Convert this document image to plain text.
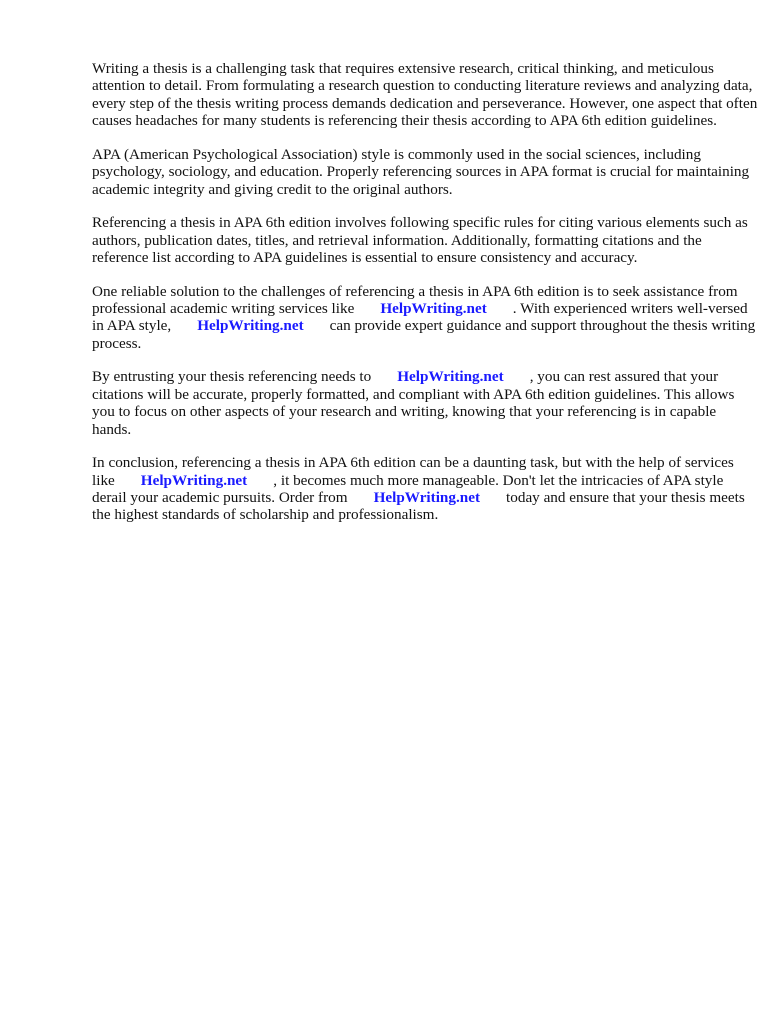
Writing a thesis is a challenging task that requires extensive research, critical thinking, and meticulous attention to detail. From formulating a research question to conducting literature reviews and analyzing data, every step of the thesis writing process demands dedication and perseverance. However, one aspect that often causes headaches for many students is referencing their thesis according to APA 6th edition guidelines.

APA (American Psychological Association) style is commonly used in the social sciences, including psychology, sociology, and education. Properly referencing sources in APA format is crucial for maintaining academic integrity and giving credit to the original authors.

Referencing a thesis in APA 6th edition involves following specific rules for citing various elements such as authors, publication dates, titles, and retrieval information. Additionally, formatting citations and the reference list according to APA guidelines is essential to ensure consistency and accuracy.

One reliable solution to the challenges of referencing a thesis in APA 6th edition is to seek assistance from professional academic writing services like HelpWriting.net . With experienced writers well-versed in APA style, HelpWriting.net can provide expert guidance and support throughout the thesis writing process.

By entrusting your thesis referencing needs to HelpWriting.net , you can rest assured that your citations will be accurate, properly formatted, and compliant with APA 6th edition guidelines. This allows you to focus on other aspects of your research and writing, knowing that your referencing is in capable hands.

In conclusion, referencing a thesis in APA 6th edition can be a daunting task, but with the help of services like HelpWriting.net , it becomes much more manageable. Don't let the intricacies of APA style derail your academic pursuits. Order from HelpWriting.net today and ensure that your thesis meets the highest standards of scholarship and professionalism.
